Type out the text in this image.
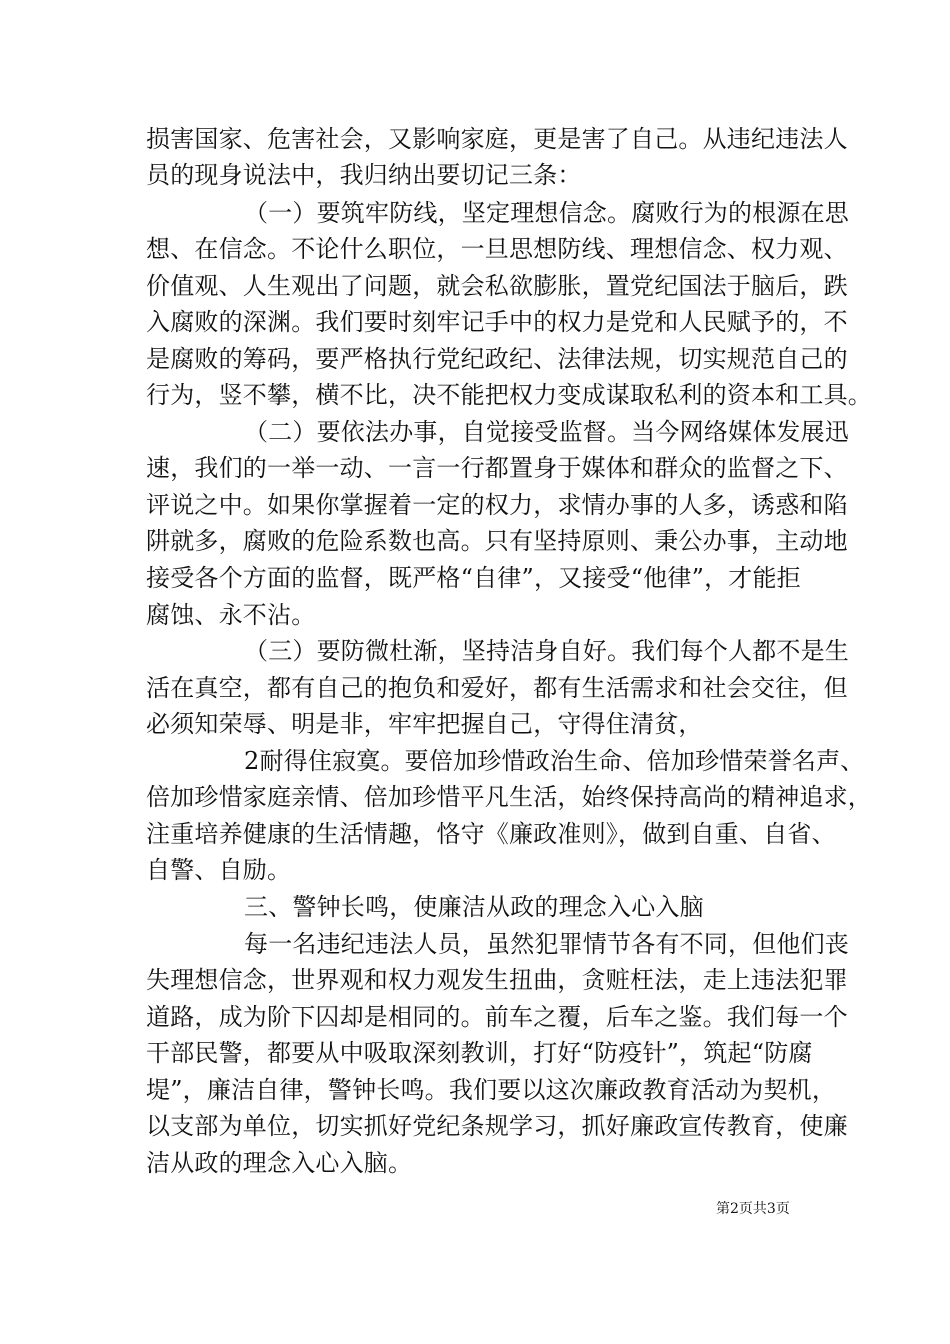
损害国家、危害社会，又影响家庭，更是害了自己。从违纪违法人
员的现身说法中，我归纳出要切记三条：
（一）要筑牢防线，坚定理想信念。腐败行为的根源在思
想、在信念。不论什么职位，一旦思想防线、理想信念、权力观、
价值观、人生观出了问题，就会私欲膨胀，置党纪国法于脑后，跌
入腐败的深渊。我们要时刻牢记手中的权力是党和人民赋予的，不
是腐败的筹码，要严格执行党纪政纪、法律法规，切实规范自己的
行为，竖不攀，横不比，决不能把权力变成谋取私利的资本和工具。
（二）要依法办事，自觉接受监督。当今网络媒体发展迅
速，我们的一举一动、一言一行都置身于媒体和群众的监督之下、
评说之中。如果你掌握着一定的权力，求情办事的人多，诱惑和陷
阱就多，腐败的危险系数也高。只有坚持原则、秉公办事，主动地
接受各个方面的监督，既严格“自律”，又接受“他律”，才能拒
腐蚀、永不沾。
（三）要防微杜渐，坚持洁身自好。我们每个人都不是生
活在真空，都有自己的抱负和爱好，都有生活需求和社会交往，但
必须知荣辱、明是非，牢牢把握自己，守得住清贫，
2耐得住寂寞。要倍加珍惜政治生命、倍加珍惜荣誉名声、
倍加珍惜家庭亲情、倍加珍惜平凡生活，始终保持高尚的精神追求，
注重培养健康的生活情趣，恪守《廉政准则》，做到自重、自省、
自警、自励。
三、警钟长鸣，使廉洁从政的理念入心入脑
每一名违纪违法人员，虽然犯罪情节各有不同，但他们丧
失理想信念，世界观和权力观发生扭曲，贪赃枉法，走上违法犯罪
道路，成为阶下囚却是相同的。前车之覆，后车之鉴。我们每一个
干部民警，都要从中吸取深刻教训，打好“防疫针”，筑起“防腐
堤”，廉洁自律，警钟长鸣。我们要以这次廉政教育活动为契机，
以支部为单位，切实抓好党纪条规学习，抓好廉政宣传教育，使廉
洁从政的理念入心入脑。
第2页共3页
